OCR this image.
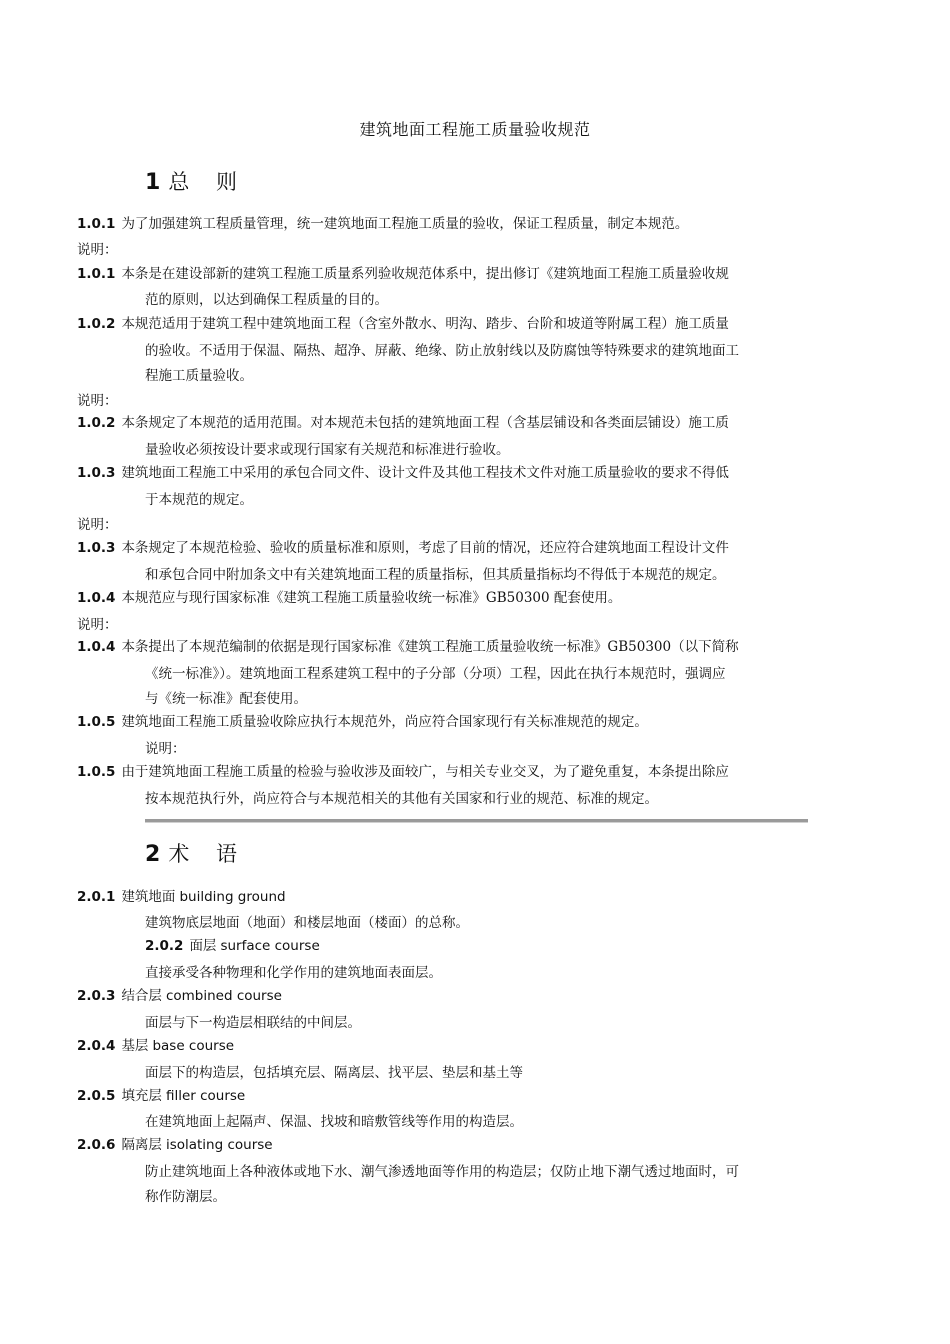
建筑地面工程施工质量验收规范
1 总 则
1.0.1 为了加强建筑工程质量管理，统一建筑地面工程施工质量的验收，保证工程质量，制定本规范。
说明：
1.0.1 本条是在建设部新的建筑工程施工质量系列验收规范体系中，提出修订《建筑地面工程施工质量验收规
范的原则，以达到确保工程质量的目的。
1.0.2 本规范适用于建筑工程中建筑地面工程（含室外散水、明沟、踏步、台阶和坡道等附属工程）施工质量
的验收。不适用于保温、隔热、超净、屏蔽、绝缘、防止放射线以及防腐蚀等特殊要求的建筑地面工
程施工质量验收。
说明：
1.0.2 本条规定了本规范的适用范围。对本规范未包括的建筑地面工程（含基层铺设和各类面层铺设）施工质
量验收必须按设计要求或现行国家有关规范和标准进行验收。
1.0.3 建筑地面工程施工中采用的承包合同文件、设计文件及其他工程技术文件对施工质量验收的要求不得低
于本规范的规定。
说明：
1.0.3 本条规定了本规范检验、验收的质量标准和原则，考虑了目前的情况，还应符合建筑地面工程设计文件
和承包合同中附加条文中有关建筑地面工程的质量指标，但其质量指标均不得低于本规范的规定。
1.0.4 本规范应与现行国家标准《建筑工程施工质量验收统一标准》GB50300 配套使用。
说明：
1.0.4 本条提出了本规范编制的依据是现行国家标准《建筑工程施工质量验收统一标准》GB50300（以下简称
《统一标准》）。建筑地面工程系建筑工程中的子分部（分项）工程，因此在执行本规范时，强调应
与《统一标准》配套使用。
1.0.5 建筑地面工程施工质量验收除应执行本规范外，尚应符合国家现行有关标准规范的规定。
说明：
1.0.5 由于建筑地面工程施工质量的检验与验收涉及面较广，与相关专业交叉，为了避免重复，本条提出除应
按本规范执行外，尚应符合与本规范相关的其他有关国家和行业的规范、标准的规定。
2 术 语
2.0.1 建筑地面 building ground
建筑物底层地面（地面）和楼层地面（楼面）的总称。
2.0.2 面层 surface course
直接承受各种物理和化学作用的建筑地面表面层。
2.0.3 结合层 combined course
面层与下一构造层相联结的中间层。
2.0.4 基层 base course
面层下的构造层，包括填充层、隔离层、找平层、垫层和基土等
2.0.5 填充层 filler course
在建筑地面上起隔声、保温、找坡和暗敷管线等作用的构造层。
2.0.6 隔离层 isolating course
防止建筑地面上各种液体或地下水、潮气渗透地面等作用的构造层；仅防止地下潮气透过地面时，可
称作防潮层。
